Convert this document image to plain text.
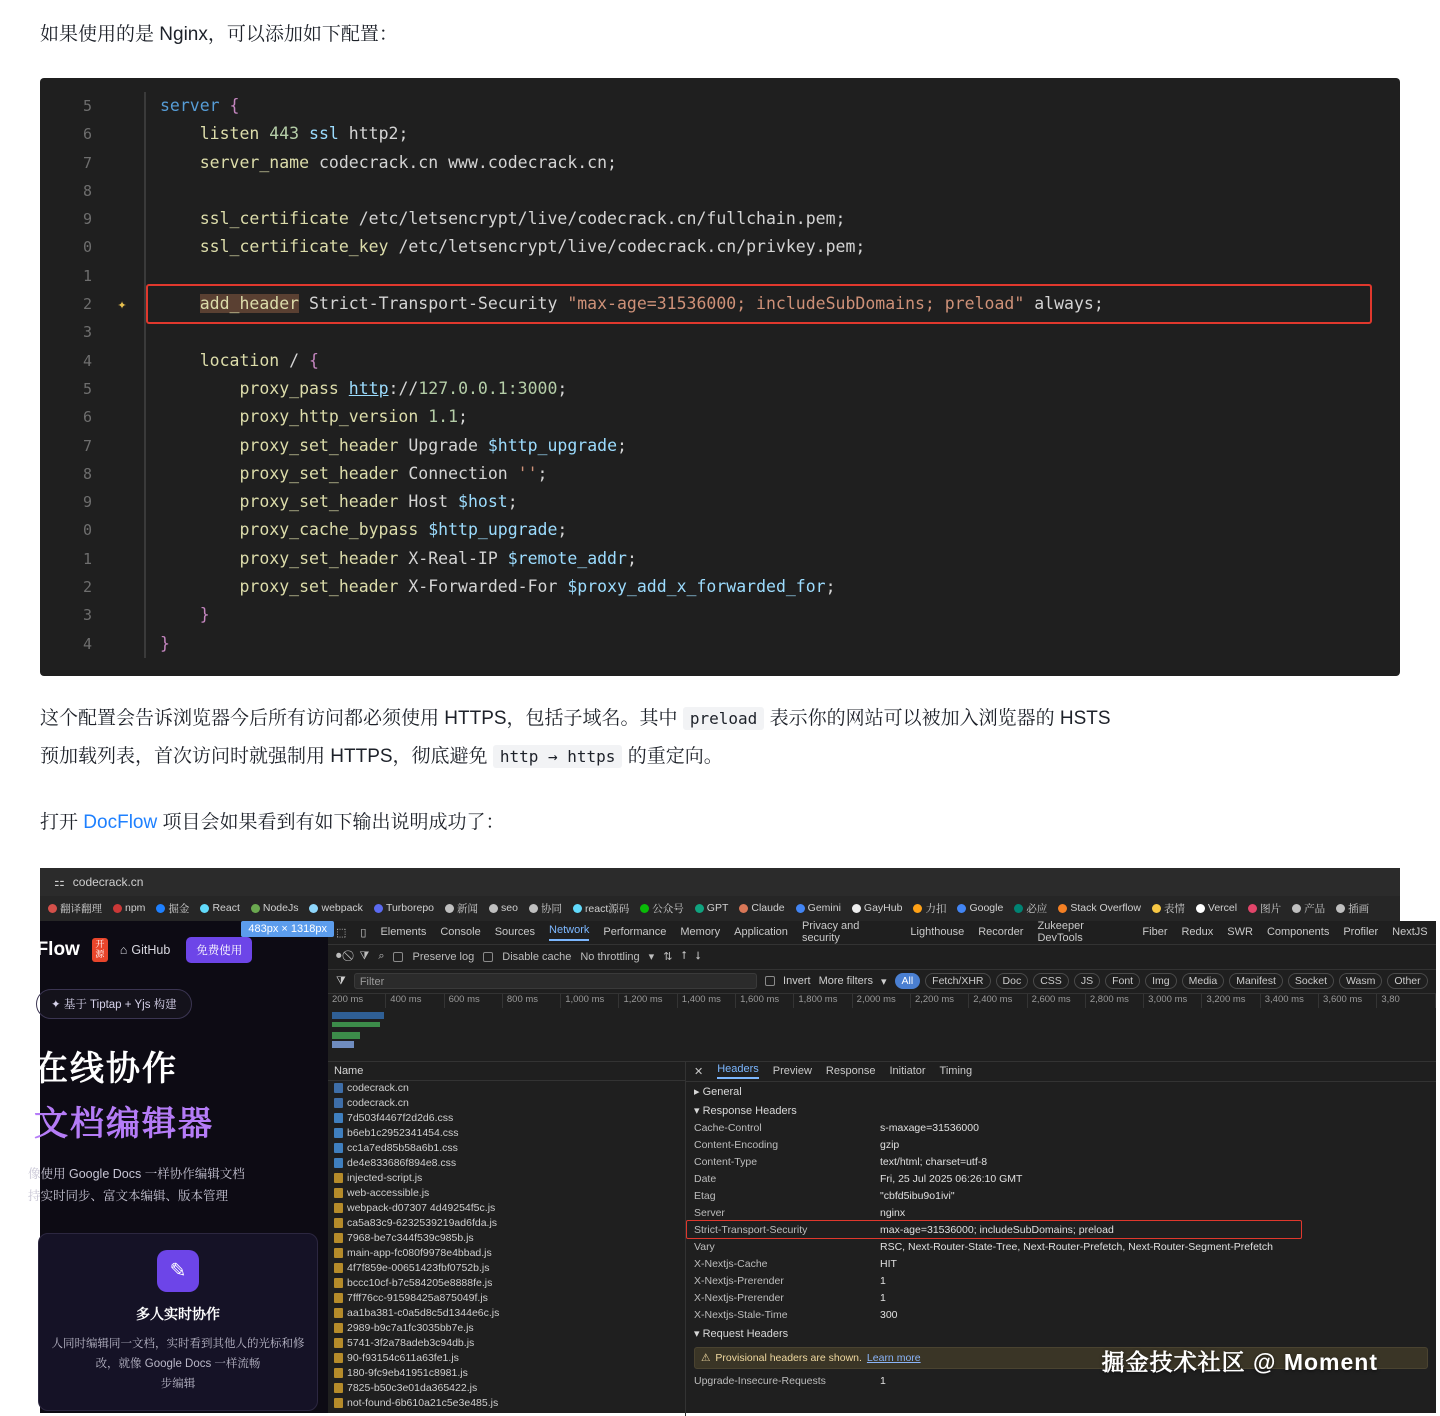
如果使用的是 Nginx，可以添加如下配置：

5	server {
6	listen 443 ssl http2;
7	server_name codecrack.cn www.codecrack.cn;
8

9	ssl_certificate /etc/letsencrypt/live/codecrack.cn/fullchain.pem;
0	ssl_certificate_key /etc/letsencrypt/live/codecrack.cn/privkey.pem;
1

2	✦	add_header Strict-Transport-Security "max-age=31536000; includeSubDomains; preload" always;
3

4	location / {
5	proxy_pass http://127.0.0.1:3000;
6	proxy_http_version 1.1;
7	proxy_set_header Upgrade $http_upgrade;
8	proxy_set_header Connection '';
9	proxy_set_header Host $host;
0	proxy_cache_bypass $http_upgrade;
1	proxy_set_header X-Real-IP $remote_addr;
2	proxy_set_header X-Forwarded-For $proxy_add_x_forwarded_for;
3	}
4	}

这个配置会告诉浏览器今后所有访问都必须使用 HTTPS，包括子域名。其中 preload 表示你的网站可以被加入浏览器的 HSTS
预加载列表，首次访问时就强制用 HTTPS，彻底避免 http → https 的重定向。

打开 DocFlow 项目会如果看到有如下输出说明成功了：

⚏ codecrack.cn
翻译翻理 npm 掘金 React NodeJs webpack Turborepo 新闻 seo 协同 react源码 公众号 GPT Claude Gemini GayHub 力扣 Google 必应 Stack Overflow 表情 Vercel 图片 产品 插画
483px × 1318px
cFlow	开源 ⌂ GitHub	免费使用
✦ 基于 Tiptap + Yjs 构建
在线协作
文档编辑器
像使用 Google Docs 一样协作编辑文档
持实时同步、富文本编辑、版本管理
✎
多人实时协作
人同时编辑同一文档，实时看到其他人的光标和修
改，就像 Google Docs 一样流畅
步编辑
⬚ ▯ Elements Console Sources Network Performance Memory Application Privacy and security	Lighthouse Recorder Zukeeper DevTools	Fiber Redux SWR Components Profiler NextJS
⏺ ⧩ ⌕	Preserve log	Disable cache No throttling ▾ ⇅ ⭡ ⭣
⧩	Filter	Invert More filters ▾	All	Fetch/XHR	Doc	CSS	JS	Font	Img	Media	Manifest	Socket	Wasm	Other
200 ms	400 ms	600 ms	800 ms	1,000 ms	1,200 ms	1,400 ms	1,600 ms	1,800 ms	2,000 ms	2,200 ms	2,400 ms	2,600 ms	2,800 ms	3,000 ms	3,200 ms	3,400 ms	3,600 ms	3,80
Name
codecrack.cn
codecrack.cn
7d503f4467f2d2d6.css
b6eb1c2952341454.css
cc1a7ed85b58a6b1.css
de4e833686f894e8.css
injected-script.js
web-accessible.js
webpack-d07307 4d49254f5c.js
ca5a83c9-6232539219ad6fda.js
7968-be7c344f539c985b.js
main-app-fc080f9978e4bbad.js
4f7f859e-00651423fbf0752b.js
bccc10cf-b7c584205e8888fe.js
7fff76cc-91598425a875049f.js
aa1ba381-c0a5d8c5d1344e6c.js
2989-b9c7a1fc3035bb7e.js
5741-3f2a78adeb3c94db.js
90-f93154c611a63fe1.js
180-9fc9eb41951c8981.js
7825-b50c3e01da365422.js
not-found-6b610a21c5e3e485.js
✕ Headers Preview Response Initiator Timing
▸ General
▾ Response Headers
Cache-Control	s-maxage=31536000
Content-Encoding	gzip
Content-Type	text/html; charset=utf-8
Date	Fri, 25 Jul 2025 06:26:10 GMT
Etag	"cbfd5ibu9o1ivi"
Server	nginx
Strict-Transport-Security	max-age=31536000; includeSubDomains; preload
Vary	RSC, Next-Router-State-Tree, Next-Router-Prefetch, Next-Router-Segment-Prefetch
X-Nextjs-Cache	HIT
X-Nextjs-Prerender	1
X-Nextjs-Prerender	1
X-Nextjs-Stale-Time	300
▾ Request Headers
⚠ Provisional headers are shown. Learn more
Upgrade-Insecure-Requests	1
掘金技术社区 @ Moment
